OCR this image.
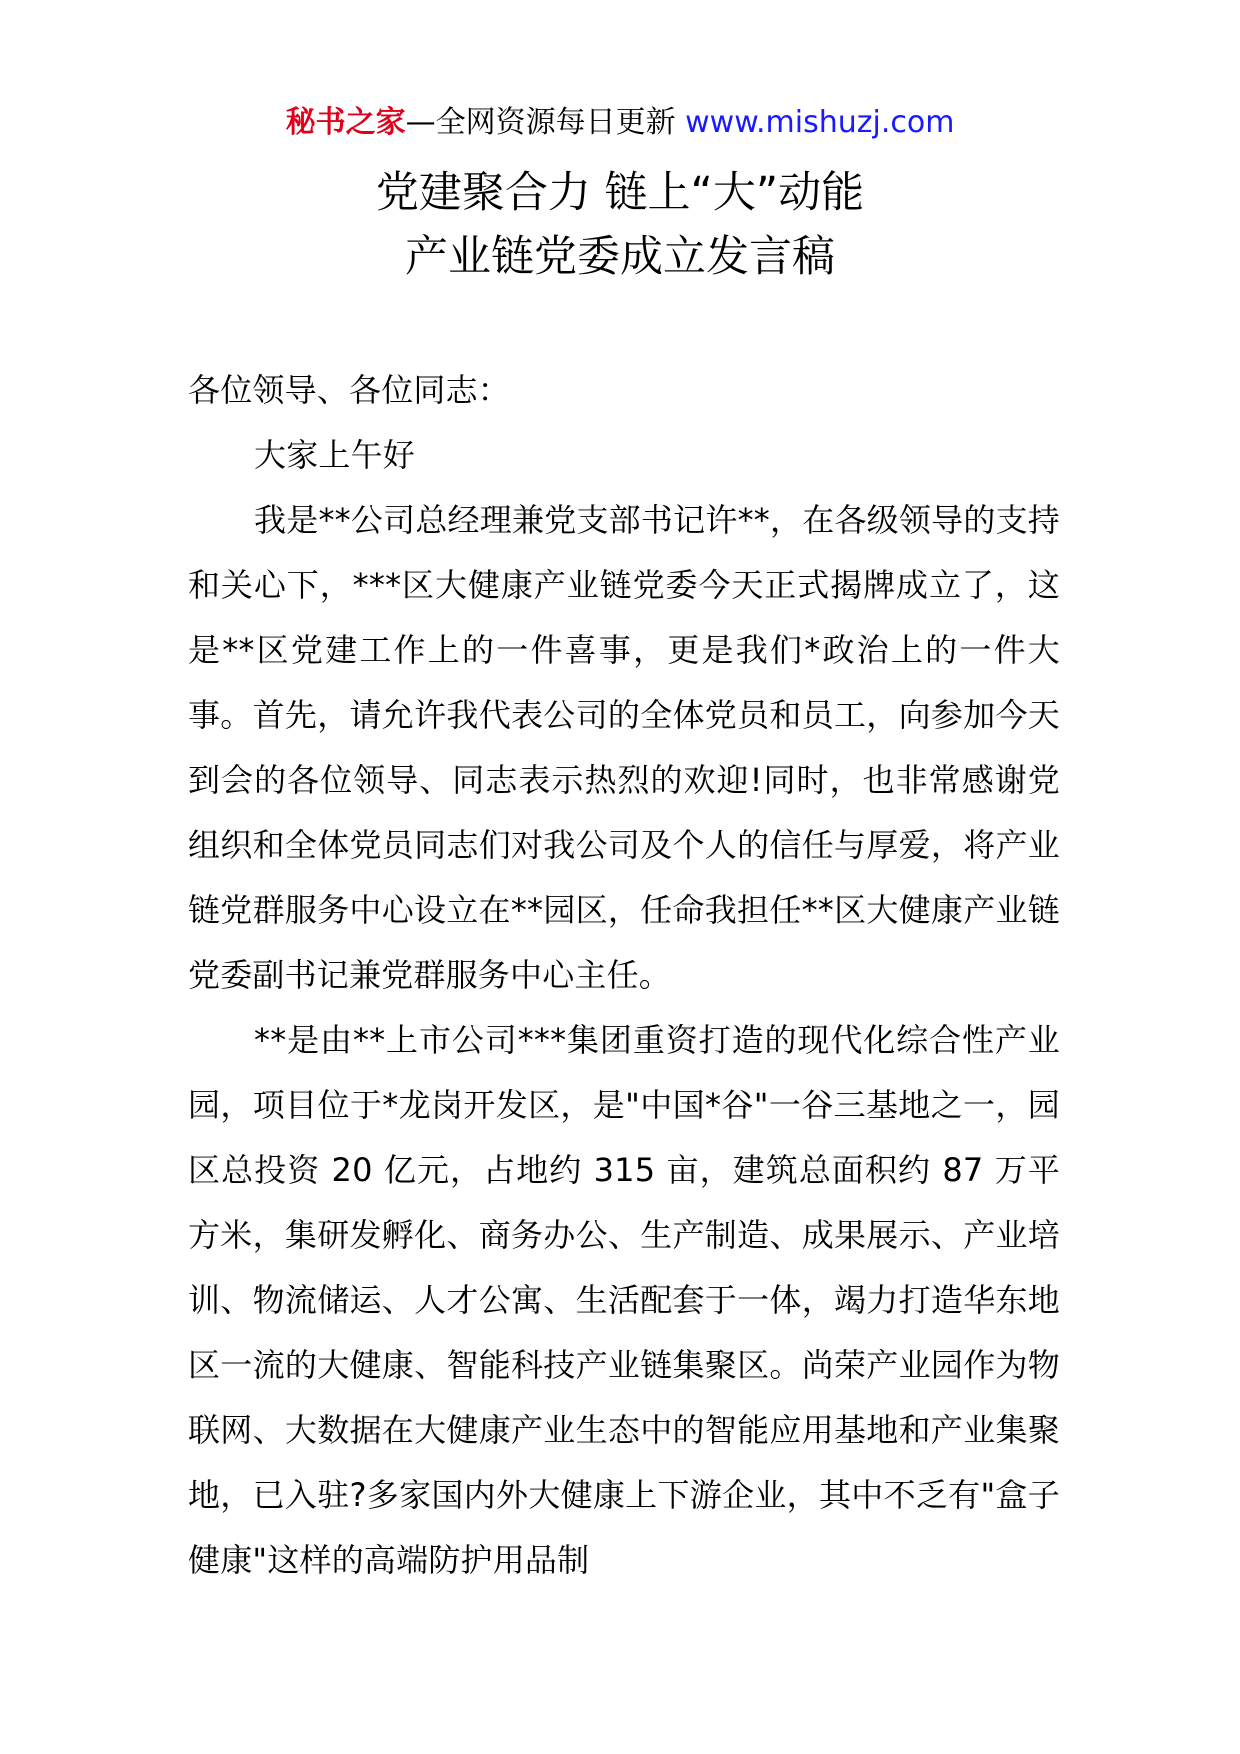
秘书之家—全网资源每日更新 www.mishuzj.com
党建聚合力 链上“大”动能
产业链党委成立发言稿

各位领导、各位同志：

大家上午好

我是**公司总经理兼党支部书记许**，在各级领导的支持和关心下，***区大健康产业链党委今天正式揭牌成立了，这是**区党建工作上的一件喜事，更是我们*政治上的一件大事。首先，请允许我代表公司的全体党员和员工，向参加今天到会的各位领导、同志表示热烈的欢迎!同时，也非常感谢党组织和全体党员同志们对我公司及个人的信任与厚爱，将产业链党群服务中心设立在**园区，任命我担任**区大健康产业链党委副书记兼党群服务中心主任。

**是由**上市公司***集团重资打造的现代化综合性产业园，项目位于*龙岗开发区，是"中国*谷"一谷三基地之一，园区总投资 20 亿元，占地约 315 亩，建筑总面积约 87 万平方米，集研发孵化、商务办公、生产制造、成果展示、产业培训、物流储运、人才公寓、生活配套于一体，竭力打造华东地区一流的大健康、智能科技产业链集聚区。尚荣产业园作为物联网、大数据在大健康产业生态中的智能应用基地和产业集聚地，已入驻?多家国内外大健康上下游企业，其中不乏有"盒子健康"这样的高端防护用品制
